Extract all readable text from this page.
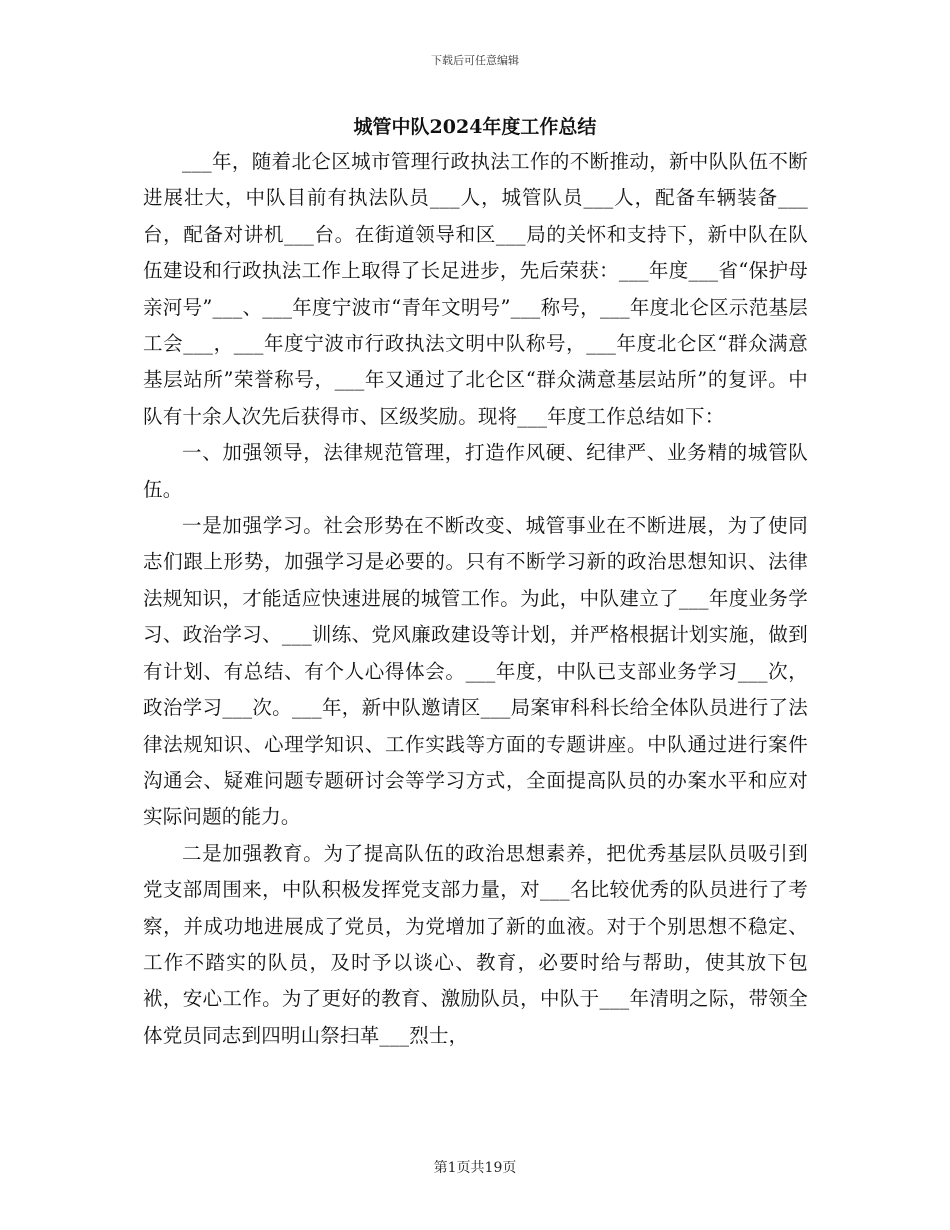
下载后可任意编辑
城管中队2024年度工作总结

___年，随着北仑区城市管理行政执法工作的不断推动，新中队队伍不断进展壮大，中队目前有执法队员___人，城管队员___人，配备车辆装备___台，配备对讲机___台。在街道领导和区___局的关怀和支持下，新中队在队伍建设和行政执法工作上取得了长足进步，先后荣获：___年度___省“保护母亲河号”___、___年度宁波市“青年文明号”___称号，___年度北仑区示范基层工会___，___年度宁波市行政执法文明中队称号，___年度北仑区“群众满意基层站所”荣誉称号，___年又通过了北仑区“群众满意基层站所”的复评。中队有十余人次先后获得市、区级奖励。现将___年度工作总结如下：

一、加强领导，法律规范管理，打造作风硬、纪律严、业务精的城管队伍。

一是加强学习。社会形势在不断改变、城管事业在不断进展，为了使同志们跟上形势，加强学习是必要的。只有不断学习新的政治思想知识、法律法规知识，才能适应快速进展的城管工作。为此，中队建立了___年度业务学习、政治学习、___训练、党风廉政建设等计划，并严格根据计划实施，做到有计划、有总结、有个人心得体会。___年度，中队已支部业务学习___次，政治学习___次。___年，新中队邀请区___局案审科科长给全体队员进行了法律法规知识、心理学知识、工作实践等方面的专题讲座。中队通过进行案件沟通会、疑难问题专题研讨会等学习方式，全面提高队员的办案水平和应对实际问题的能力。

二是加强教育。为了提高队伍的政治思想素养，把优秀基层队员吸引到党支部周围来，中队积极发挥党支部力量，对___名比较优秀的队员进行了考察，并成功地进展成了党员，为党增加了新的血液。对于个别思想不稳定、工作不踏实的队员，及时予以谈心、教育，必要时给与帮助，使其放下包袱，安心工作。为了更好的教育、激励队员，中队于___年清明之际，带领全体党员同志到四明山祭扫革___烈士，

第1页共19页
